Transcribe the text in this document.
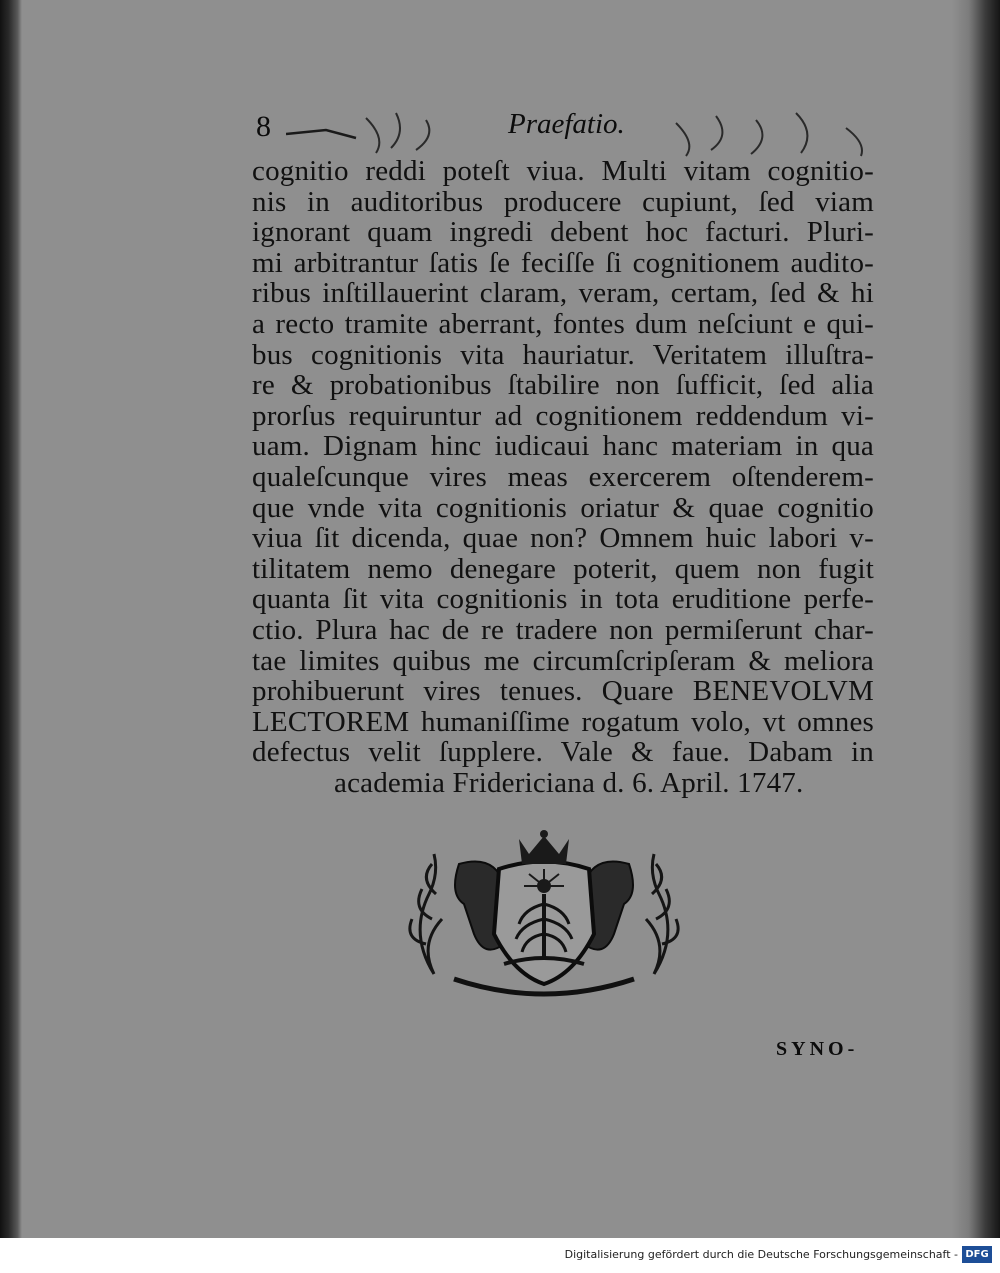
8	Praefatio.
cognitio reddi poteſt viua. Multi vitam cognitio-
nis in auditoribus producere cupiunt, ſed viam
ignorant quam ingredi debent hoc facturi. Pluri-
mi arbitrantur ſatis ſe feciſſe ſi cognitionem audito-
ribus inſtillauerint claram, veram, certam, ſed & hi
a recto tramite aberrant, fontes dum neſciunt e qui-
bus cognitionis vita hauriatur. Veritatem illuſtra-
re & probationibus ſtabilire non ſufficit, ſed alia
prorſus requiruntur ad cognitionem reddendum vi-
uam. Dignam hinc iudicaui hanc materiam in qua
qualeſcunque vires meas exercerem oſtenderem-
que vnde vita cognitionis oriatur & quae cognitio
viua ſit dicenda, quae non? Omnem huic labori v-
tilitatem nemo denegare poterit, quem non fugit
quanta ſit vita cognitionis in tota eruditione perfe-
ctio. Plura hac de re tradere non permiſerunt char-
tae limites quibus me circumſcripſeram & meliora
prohibuerunt vires tenues. Quare BENEVOLVM
LECTOREM humaniſſime rogatum volo, vt omnes
defectus velit ſupplere. Vale & faue. Dabam in
academia Fridericiana d. 6. April. 1747.
SYNO-
Digitalisierung gefördert durch die Deutsche Forschungsgemeinschaft - DFG
